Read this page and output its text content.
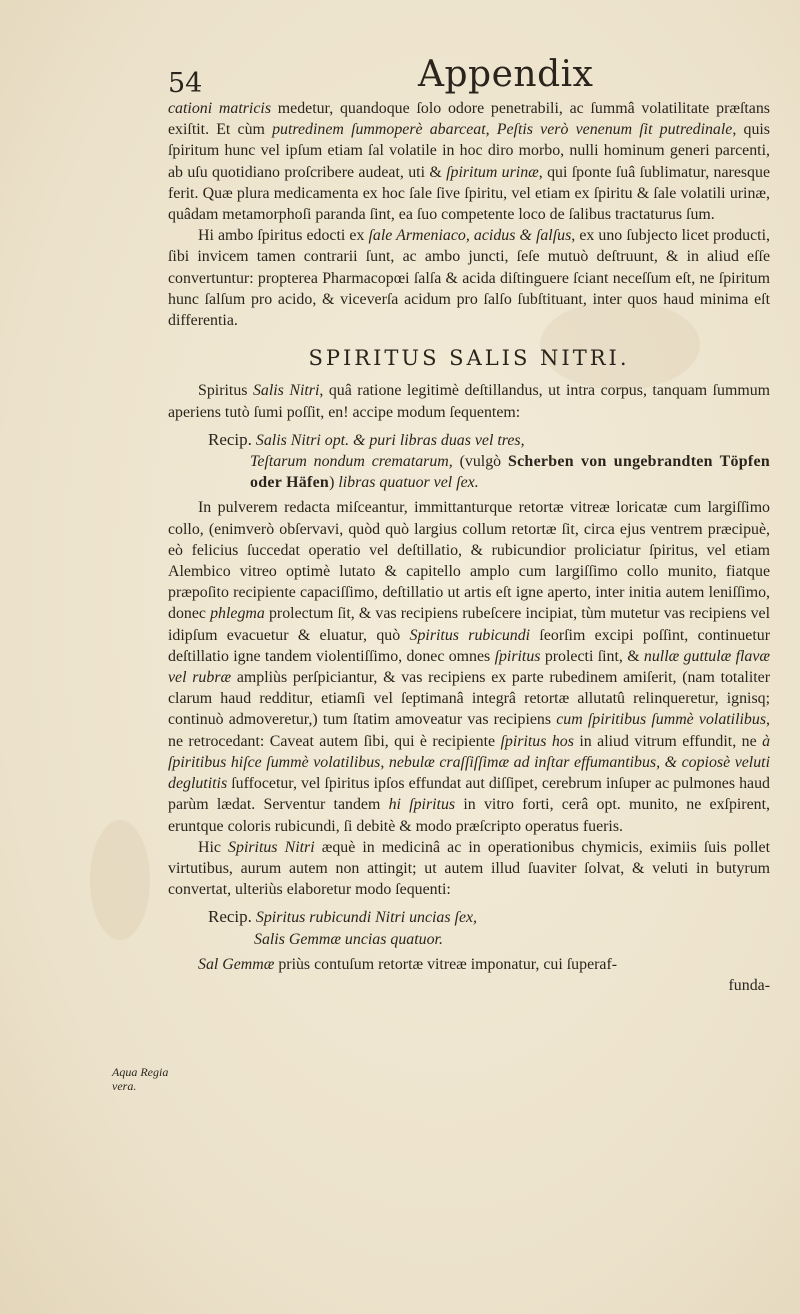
54	Appendix

cationi matricis medetur, quandoque ſolo odore penetrabili, ac ſummâ volatilitate præſtans exiſtit. Et cùm putredinem ſummoperè abarceat, Peſtis verò venenum ſit putredinale, quis ſpiritum hunc vel ipſum etiam ſal volatile in hoc diro morbo, nulli hominum generi parcenti, ab uſu quotidiano proſcribere audeat, uti & ſpiritum urinæ, qui ſponte ſuâ ſublimatur, naresque ferit. Quæ plura medicamenta ex hoc ſale ſive ſpiritu, vel etiam ex ſpiritu & ſale volatili urinæ, quâdam metamorphoſi paranda ſint, ea ſuo competente loco de ſalibus tractaturus ſum.

Hi ambo ſpiritus edocti ex ſale Armeniaco, acidus & ſalſus, ex uno ſubjecto licet producti, ſibi invicem tamen contrarii ſunt, ac ambo juncti, ſeſe mutuò deſtruunt, & in aliud eſſe convertuntur: propterea Pharmacopœi ſalſa & acida diſtinguere ſciant neceſſum eſt, ne ſpiritum hunc ſalſum pro acido, & viceverſa acidum pro ſalſo ſubſtituant, inter quos haud minima eſt differentia.

SPIRITUS SALIS NITRI.

Spiritus Salis Nitri, quâ ratione legitimè deſtillandus, ut intra corpus, tanquam ſummum aperiens tutò ſumi poſſit, en! accipe modum ſequentem:

Recip. Salis Nitri opt. & puri libras duas vel tres,

Teſtarum nondum crematarum, (vulgò Scherben von ungebrandten Töpfen oder Häfen) libras quatuor vel ſex.

In pulverem redacta miſceantur, immittanturque retortæ vitreæ loricatæ cum largiſſimo collo, (enimverò obſervavi, quòd quò largius collum retortæ ſit, circa ejus ventrem præcipuè, eò felicius ſuccedat operatio vel deſtillatio, & rubicundior proliciatur ſpiritus, vel etiam Alembico vitreo optimè lutato & capitello amplo cum largiſſimo collo munito, fiatque præpoſito recipiente capaciſſimo, deſtillatio ut artis eſt igne aperto, inter initia autem leniſſimo, donec phlegma prolectum ſit, & vas recipiens rubeſcere incipiat, tùm mutetur vas recipiens vel idipſum evacuetur & eluatur, quò Spiritus rubicundi ſeorſim excipi poſſint, continuetur deſtillatio igne tandem violentiſſimo, donec omnes ſpiritus prolecti ſint, & nullæ guttulæ flavæ vel rubræ ampliùs perſpiciantur, & vas recipiens ex parte rubedinem amiſerit, (nam totaliter clarum haud redditur, etiamſi vel ſeptimanâ integrâ retortæ allutatû relinqueretur, ignisq; continuò admoveretur,) tum ſtatim amoveatur vas recipiens cum ſpiritibus ſummè volatilibus, ne retrocedant: Caveat autem ſibi, qui è recipiente ſpiritus hos in aliud vitrum effundit, ne à ſpiritibus hiſce ſummè volatilibus, nebulæ craſſiſſimæ ad inſtar effumantibus, & copiosè veluti deglutitis ſuffocetur, vel ſpiritus ipſos effundat aut diſſipet, cerebrum inſuper ac pulmones haud parùm lædat. Serventur tandem hi ſpiritus in vitro forti, cerâ opt. munito, ne exſpirent, eruntque coloris rubicundi, ſi debitè & modo præſcripto operatus fueris.

Hic Spiritus Nitri æquè in medicinâ ac in operationibus chymicis, eximiis ſuis pollet virtutibus, aurum autem non attingit; ut autem illud ſuaviter ſolvat, & veluti in butyrum convertat, ulteriùs elaboretur modo ſequenti:

Recip. Spiritus rubicundi Nitri uncias ſex,

Salis Gemmæ uncias quatuor.

Sal Gemmæ priùs contuſum retortæ vitreæ imponatur, cui ſuperaf-

funda-

Aqua Regia vera.
